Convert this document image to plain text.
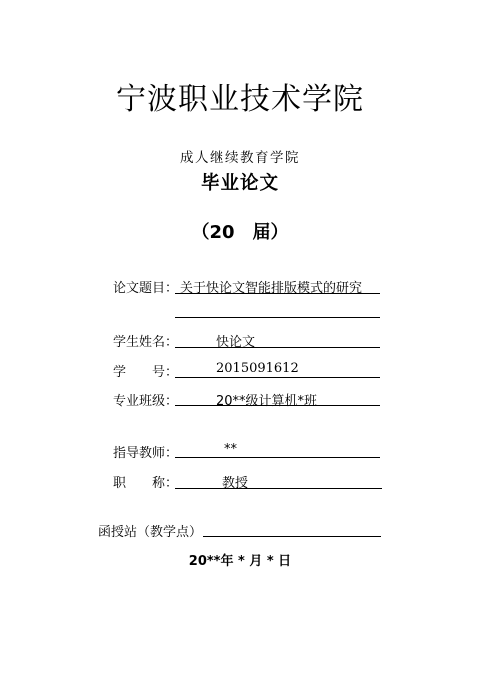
宁波职业技术学院
成人继续教育学院
毕业论文
（20　届）
论文题目： 关于快论文智能排版模式的研究
学生姓名：	快论文
学　　号：	2015091612
专业班级：	20**级计算机*班
指导教师：	**
职　　称：	教授
函授站（教学点）
20**年 * 月 * 日
